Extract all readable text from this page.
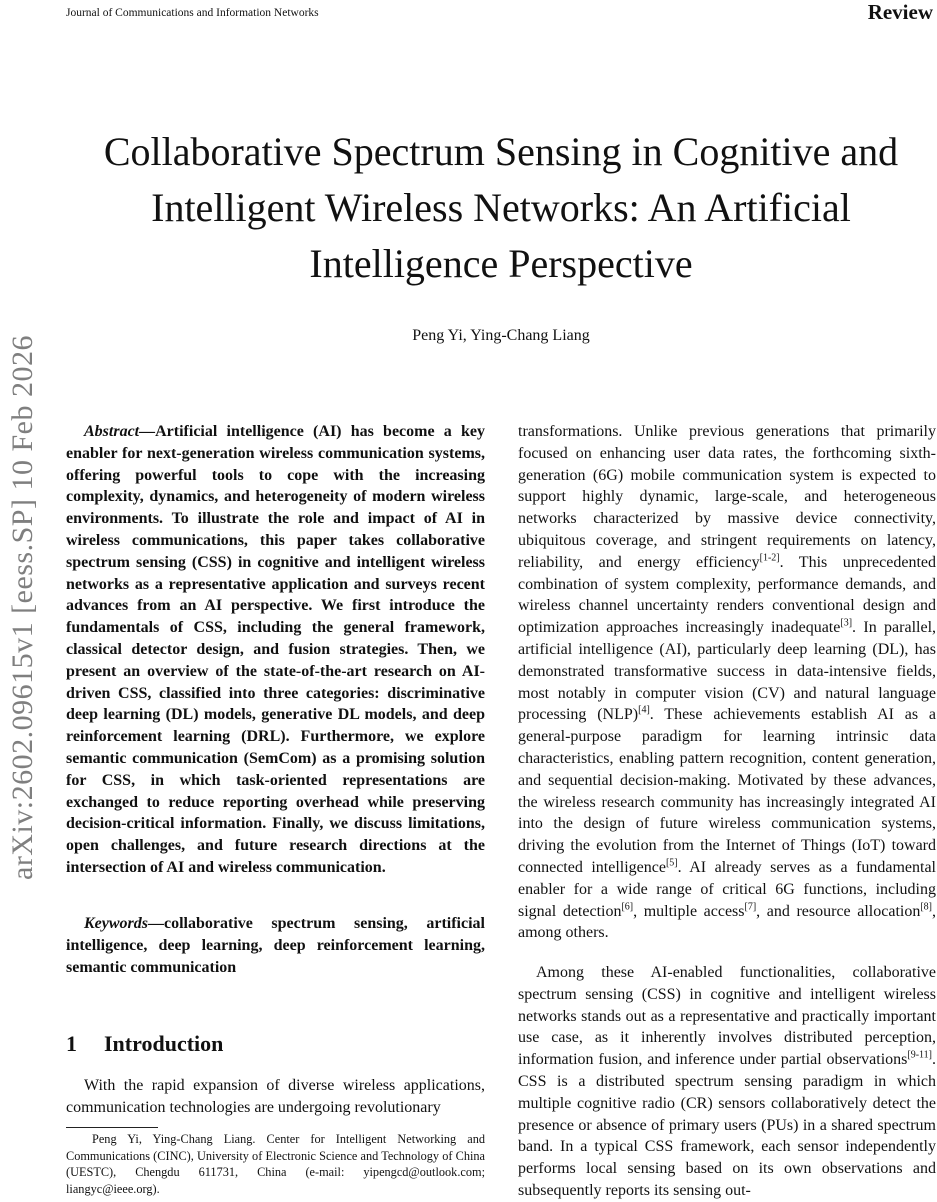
Journal of Communications and Information Networks	Review
arXiv:2602.09615v1 [eess.SP] 10 Feb 2026
Collaborative Spectrum Sensing in Cognitive and Intelligent Wireless Networks: An Artificial Intelligence Perspective
Peng Yi, Ying-Chang Liang
Abstract—Artificial intelligence (AI) has become a key enabler for next-generation wireless communication systems, offering powerful tools to cope with the increasing complexity, dynamics, and heterogeneity of modern wireless environments. To illustrate the role and impact of AI in wireless communications, this paper takes collaborative spectrum sensing (CSS) in cognitive and intelligent wireless networks as a representative application and surveys recent advances from an AI perspective. We first introduce the fundamentals of CSS, including the general framework, classical detector design, and fusion strategies. Then, we present an overview of the state-of-the-art research on AI-driven CSS, classified into three categories: discriminative deep learning (DL) models, generative DL models, and deep reinforcement learning (DRL). Furthermore, we explore semantic communication (SemCom) as a promising solution for CSS, in which task-oriented representations are exchanged to reduce reporting overhead while preserving decision-critical information. Finally, we discuss limitations, open challenges, and future research directions at the intersection of AI and wireless communication.
Keywords—collaborative spectrum sensing, artificial intelligence, deep learning, deep reinforcement learning, semantic communication
1 Introduction
With the rapid expansion of diverse wireless applications, communication technologies are undergoing revolutionary
Peng Yi, Ying-Chang Liang. Center for Intelligent Networking and Communications (CINC), University of Electronic Science and Technology of China (UESTC), Chengdu 611731, China (e-mail: yipengcd@outlook.com; liangyc@ieee.org).
transformations. Unlike previous generations that primarily focused on enhancing user data rates, the forthcoming sixth-generation (6G) mobile communication system is expected to support highly dynamic, large-scale, and heterogeneous networks characterized by massive device connectivity, ubiquitous coverage, and stringent requirements on latency, reliability, and energy efficiency[1-2]. This unprecedented combination of system complexity, performance demands, and wireless channel uncertainty renders conventional design and optimization approaches increasingly inadequate[3]. In parallel, artificial intelligence (AI), particularly deep learning (DL), has demonstrated transformative success in data-intensive fields, most notably in computer vision (CV) and natural language processing (NLP)[4]. These achievements establish AI as a general-purpose paradigm for learning intrinsic data characteristics, enabling pattern recognition, content generation, and sequential decision-making. Motivated by these advances, the wireless research community has increasingly integrated AI into the design of future wireless communication systems, driving the evolution from the Internet of Things (IoT) toward connected intelligence[5]. AI already serves as a fundamental enabler for a wide range of critical 6G functions, including signal detection[6], multiple access[7], and resource allocation[8], among others.
Among these AI-enabled functionalities, collaborative spectrum sensing (CSS) in cognitive and intelligent wireless networks stands out as a representative and practically important use case, as it inherently involves distributed perception, information fusion, and inference under partial observations[9-11]. CSS is a distributed spectrum sensing paradigm in which multiple cognitive radio (CR) sensors collaboratively detect the presence or absence of primary users (PUs) in a shared spectrum band. In a typical CSS framework, each sensor independently performs local sensing based on its own observations and subsequently reports its sensing out-
